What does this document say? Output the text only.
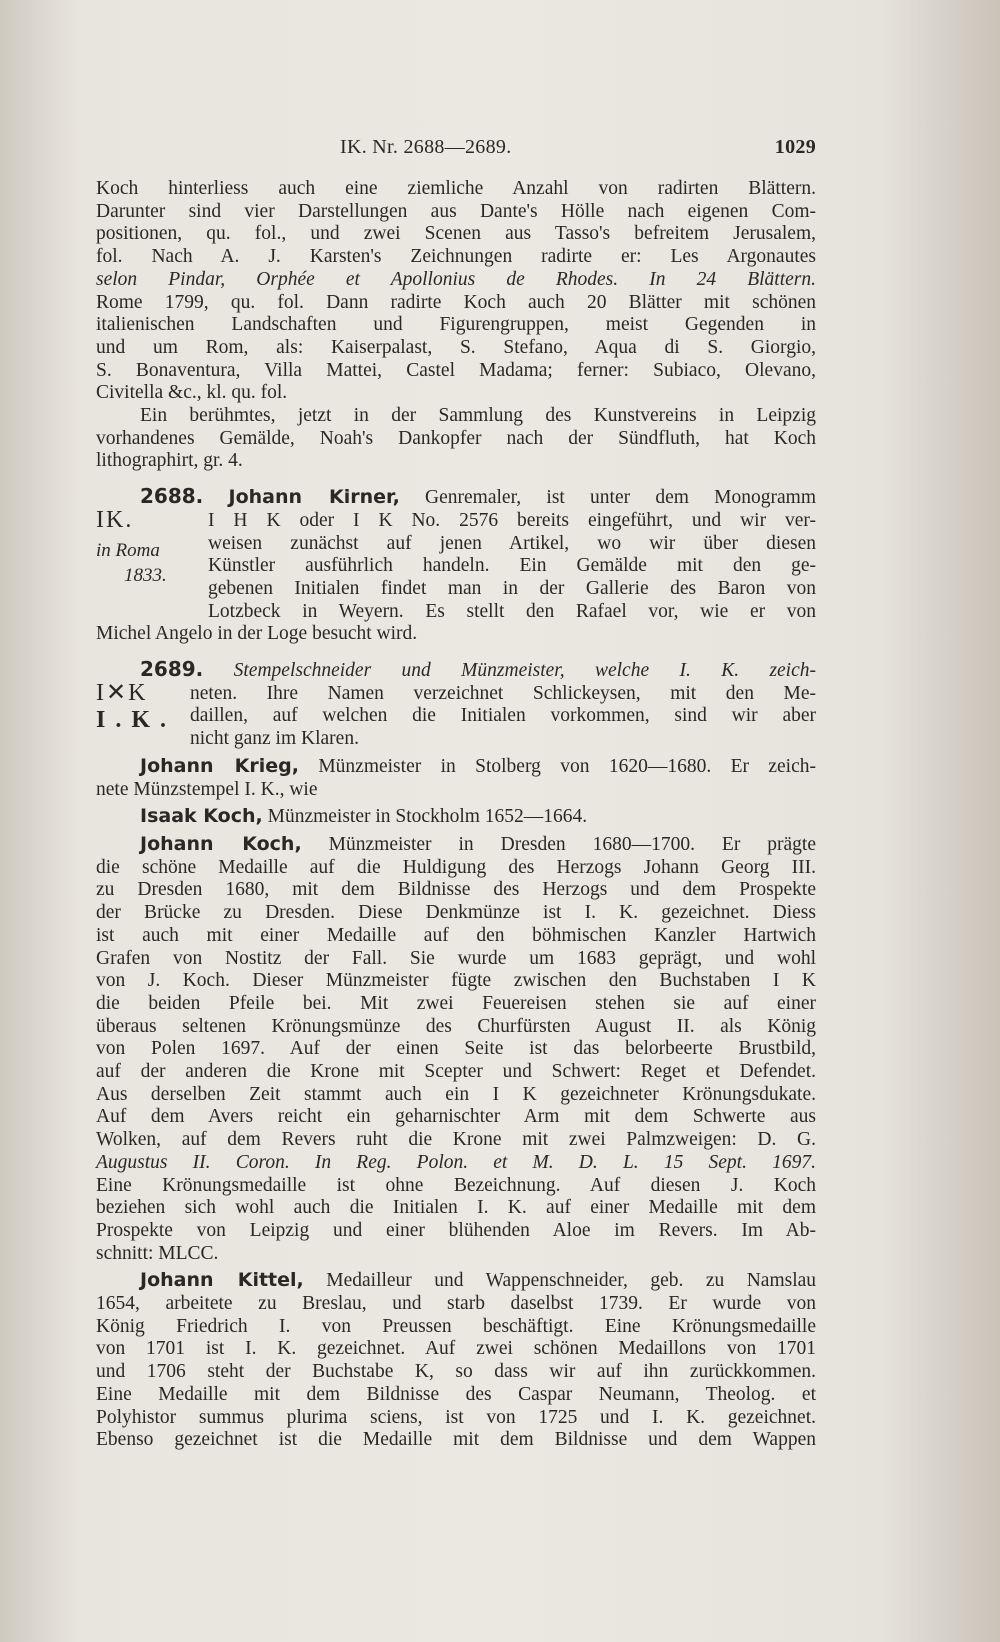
IK. Nr. 2688—2689.	1029
Koch hinterliess auch eine ziemliche Anzahl von radirten Blättern.
Darunter sind vier Darstellungen aus Dante's Hölle nach eigenen Com-
positionen, qu. fol., und zwei Scenen aus Tasso's befreitem Jerusalem,
fol. Nach A. J. Karsten's Zeichnungen radirte er: Les Argonautes
selon Pindar, Orphée et Apollonius de Rhodes. In 24 Blättern.
Rome 1799, qu. fol. Dann radirte Koch auch 20 Blätter mit schönen
italienischen Landschaften und Figurengruppen, meist Gegenden in
und um Rom, als: Kaiserpalast, S. Stefano, Aqua di S. Giorgio,
S. Bonaventura, Villa Mattei, Castel Madama; ferner: Subiaco, Olevano,
Civitella &c., kl. qu. fol.
Ein berühmtes, jetzt in der Sammlung des Kunstvereins in Leipzig
vorhandenes Gemälde, Noah's Dankopfer nach der Sündfluth, hat Koch
lithographirt, gr. 4.
2688. Johann Kirner, Genremaler, ist unter dem Monogramm
IK.
in Roma
1833.
I H K oder I K No. 2576 bereits eingeführt, und wir ver-
weisen zunächst auf jenen Artikel, wo wir über diesen
Künstler ausführlich handeln. Ein Gemälde mit den ge-
gebenen Initialen findet man in der Gallerie des Baron von
Lotzbeck in Weyern. Es stellt den Rafael vor, wie er von
Michel Angelo in der Loge besucht wird.
2689. Stempelschneider und Münzmeister, welche I. K. zeich-
I✕K
I . K .
neten. Ihre Namen verzeichnet Schlickeysen, mit den Me-
daillen, auf welchen die Initialen vorkommen, sind wir aber
nicht ganz im Klaren.
Johann Krieg, Münzmeister in Stolberg von 1620—1680. Er zeich-
nete Münzstempel I. K., wie
Isaak Koch, Münzmeister in Stockholm 1652—1664.
Johann Koch, Münzmeister in Dresden 1680—1700. Er prägte
die schöne Medaille auf die Huldigung des Herzogs Johann Georg III.
zu Dresden 1680, mit dem Bildnisse des Herzogs und dem Prospekte
der Brücke zu Dresden. Diese Denkmünze ist I. K. gezeichnet. Diess
ist auch mit einer Medaille auf den böhmischen Kanzler Hartwich
Grafen von Nostitz der Fall. Sie wurde um 1683 geprägt, und wohl
von J. Koch. Dieser Münzmeister fügte zwischen den Buchstaben I K
die beiden Pfeile bei. Mit zwei Feuereisen stehen sie auf einer
überaus seltenen Krönungsmünze des Churfürsten August II. als König
von Polen 1697. Auf der einen Seite ist das belorbeerte Brustbild,
auf der anderen die Krone mit Scepter und Schwert: Reget et Defendet.
Aus derselben Zeit stammt auch ein I K gezeichneter Krönungsdukate.
Auf dem Avers reicht ein geharnischter Arm mit dem Schwerte aus
Wolken, auf dem Revers ruht die Krone mit zwei Palmzweigen: D. G.
Augustus II. Coron. In Reg. Polon. et M. D. L. 15 Sept. 1697.
Eine Krönungsmedaille ist ohne Bezeichnung. Auf diesen J. Koch
beziehen sich wohl auch die Initialen I. K. auf einer Medaille mit dem
Prospekte von Leipzig und einer blühenden Aloe im Revers. Im Ab-
schnitt: MLCC.
Johann Kittel, Medailleur und Wappenschneider, geb. zu Namslau
1654, arbeitete zu Breslau, und starb daselbst 1739. Er wurde von
König Friedrich I. von Preussen beschäftigt. Eine Krönungsmedaille
von 1701 ist I. K. gezeichnet. Auf zwei schönen Medaillons von 1701
und 1706 steht der Buchstabe K, so dass wir auf ihn zurückkommen.
Eine Medaille mit dem Bildnisse des Caspar Neumann, Theolog. et
Polyhistor summus plurima sciens, ist von 1725 und I. K. gezeichnet.
Ebenso gezeichnet ist die Medaille mit dem Bildnisse und dem Wappen
